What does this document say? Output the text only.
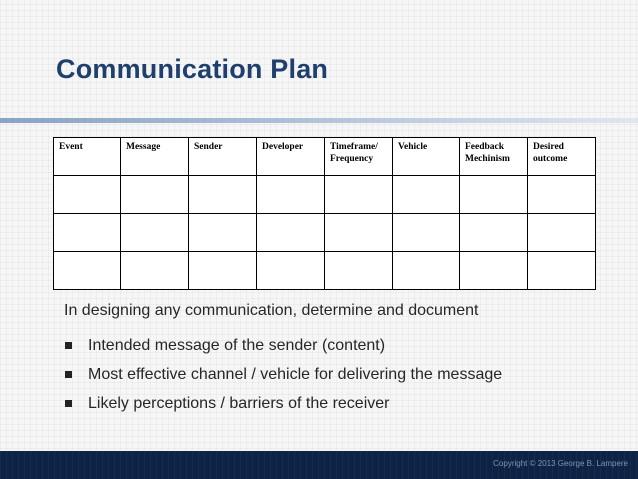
Communication Plan
Event	Message	Sender	Developer	Timeframe/ Frequency	Vehicle	Feedback Mechinism	Desired outcome

In designing any communication, determine and document
Intended message of the sender (content)
Most effective channel / vehicle for delivering the message
Likely perceptions / barriers of the receiver
Copyright © 2013 George B. Lampere
